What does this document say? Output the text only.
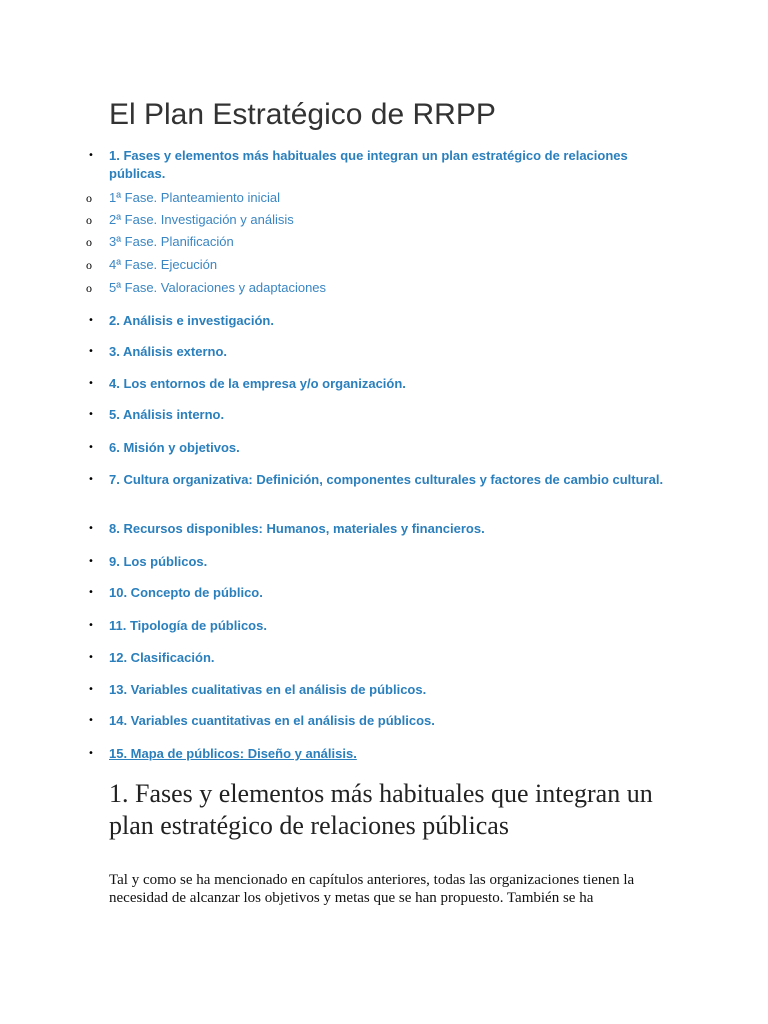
El Plan Estratégico de RRPP
• 1. Fases y elementos más habituales que integran un plan estratégico de relaciones públicas.
o 1ª Fase. Planteamiento inicial
o 2ª Fase. Investigación y análisis
o 3ª Fase. Planificación
o 4ª Fase. Ejecución
o 5ª Fase. Valoraciones y adaptaciones
• 2. Análisis e investigación.
• 3. Análisis externo.
• 4. Los entornos de la empresa y/o organización.
• 5. Análisis interno.
• 6. Misión y objetivos.
• 7. Cultura organizativa: Definición, componentes culturales y factores de cambio cultural.
• 8. Recursos disponibles: Humanos, materiales y financieros.
• 9. Los públicos.
• 10. Concepto de público.
• 11. Tipología de públicos.
• 12. Clasificación.
• 13. Variables cualitativas en el análisis de públicos.
• 14. Variables cuantitativas en el análisis de públicos.
• 15. Mapa de públicos: Diseño y análisis.
1. Fases y elementos más habituales que integran un plan estratégico de relaciones públicas

Tal y como se ha mencionado en capítulos anteriores, todas las organizaciones tienen la necesidad de alcanzar los objetivos y metas que se han propuesto. También se ha
